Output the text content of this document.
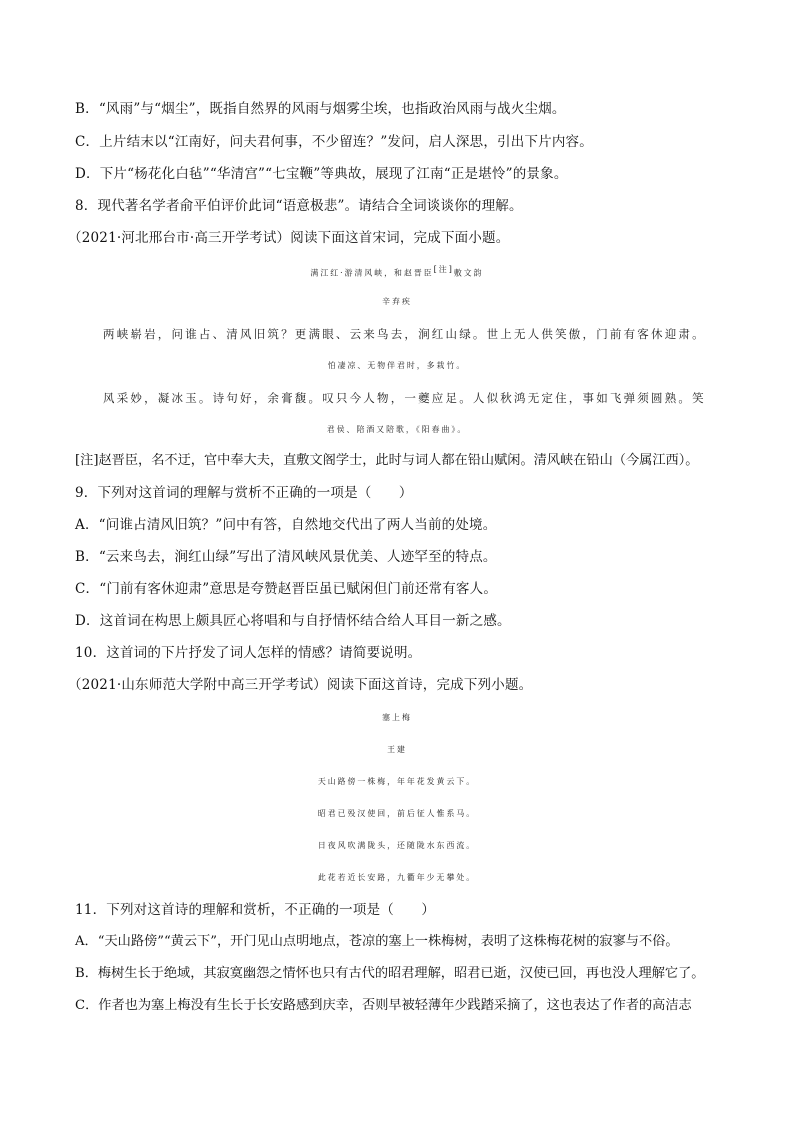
B．“风雨”与“烟尘”，既指自然界的风雨与烟雾尘埃，也指政治风雨与战火尘烟。
C．上片结末以“江南好，问夫君何事，不少留连？”发问，启人深思，引出下片内容。
D．下片“杨花化白毡”“华清宫”“七宝鞭”等典故，展现了江南“正是堪怜”的景象。
8．现代著名学者俞平伯评价此词“语意极悲”。请结合全词谈谈你的理解。
（2021·河北邢台市·高三开学考试）阅读下面这首宋词，完成下面小题。
满江红·游清风峡，和赵晋臣[注]敷文韵
辛弃疾
两峡崭岩，问谁占、清风旧筑？更满眼、云来鸟去，涧红山绿。世上无人供笑傲，门前有客休迎肃。
怕凄凉、无物伴君时，多栽竹。
风采妙，凝冰玉。诗句好，余膏馥。叹只今人物，一夔应足。人似秋鸿无定住，事如飞弹须圆熟。笑
君侯、陪酒又陪歌，《阳春曲》。
[注]赵晋臣，名不迂，官中奉大夫，直敷文阁学士，此时与词人都在铅山赋闲。清风峡在铅山（今属江西）。
9．下列对这首词的理解与赏析不正确的一项是（　　）
A．“问谁占清风旧筑？”问中有答，自然地交代出了两人当前的处境。
B．“云来鸟去，涧红山绿”写出了清风峡风景优美、人迹罕至的特点。
C．“门前有客休迎肃”意思是夸赞赵晋臣虽已赋闲但门前还常有客人。
D．这首词在构思上颇具匠心将唱和与自抒情怀结合给人耳目一新之感。
10．这首词的下片抒发了词人怎样的情感？请简要说明。
（2021·山东师范大学附中高三开学考试）阅读下面这首诗，完成下列小题。
塞上梅
王建
天山路傍一株梅，年年花发黄云下。
昭君已殁汉使回，前后征人惟系马。
日夜风吹满陇头，还随陇水东西流。
此花若近长安路，九衢年少无攀处。
11．下列对这首诗的理解和赏析，不正确的一项是（　　）
A．“天山路傍”“黄云下”，开门见山点明地点，苍凉的塞上一株梅树，表明了这株梅花树的寂寥与不俗。
B．梅树生长于绝域，其寂寞幽怨之情怀也只有古代的昭君理解，昭君已逝，汉使已回，再也没人理解它了。
C．作者也为塞上梅没有生长于长安路感到庆幸，否则早被轻薄年少践踏采摘了，这也表达了作者的高洁志
